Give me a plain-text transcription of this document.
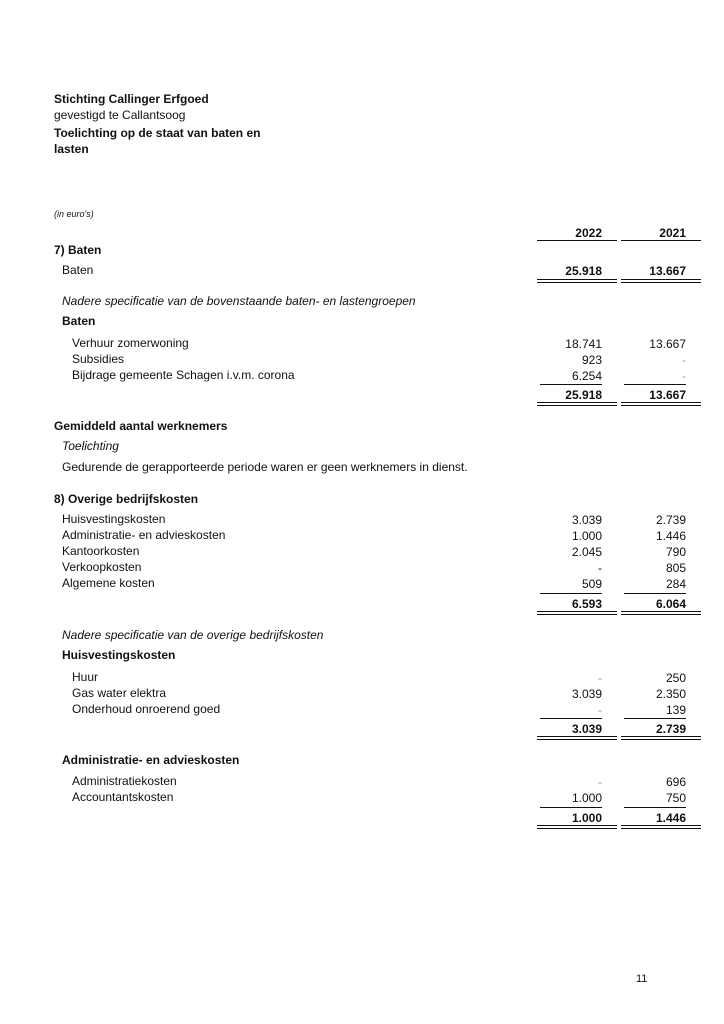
Stichting Callinger Erfgoed
gevestigd te Callantsoog
Toelichting op de staat van baten en
lasten
(in euro's)
2022	2021
7) Baten
Baten	25.918	13.667
Nadere specificatie van de bovenstaande baten- en lastengroepen
Baten
Verhuur zomerwoning	18.741	13.667
Subsidies	923	-
Bijdrage gemeente Schagen i.v.m. corona	6.254	-
25.918	13.667
Gemiddeld aantal werknemers
Toelichting
Gedurende de gerapporteerde periode waren er geen werknemers in dienst.
8) Overige bedrijfskosten
Huisvestingskosten	3.039	2.739
Administratie- en advieskosten	1.000	1.446
Kantoorkosten	2.045	790
Verkoopkosten	-	805
Algemene kosten	509	284
6.593	6.064
Nadere specificatie van de overige bedrijfskosten
Huisvestingskosten
Huur	-	250
Gas water elektra	3.039	2.350
Onderhoud onroerend goed	-	139
3.039	2.739
Administratie- en advieskosten
Administratiekosten	-	696
Accountantskosten	1.000	750
1.000	1.446
11
